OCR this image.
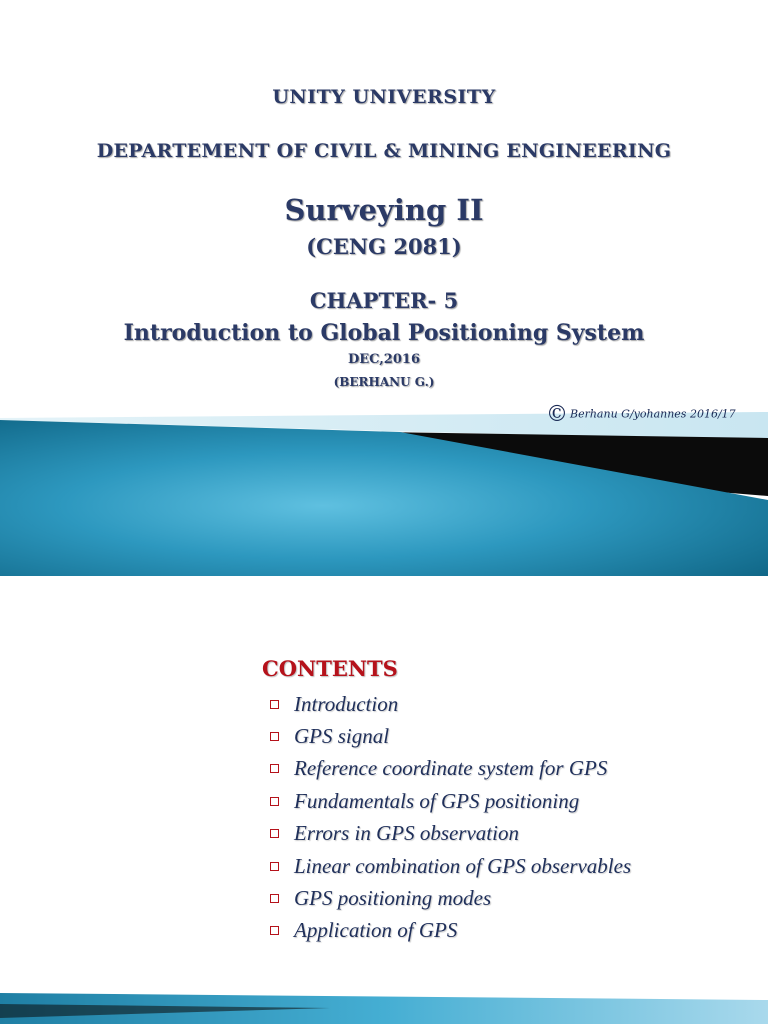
UNITY UNIVERSITY

DEPARTEMENT OF CIVIL & MINING ENGINEERING

Surveying II

(CENG 2081)

CHAPTER- 5

Introduction to Global Positioning System

DEC,2016

(BERHANU G.)

© Berhanu G/yohannes 2016/17

CONTENTS

Introduction
GPS signal
Reference coordinate system for GPS
Fundamentals of GPS positioning
Errors in GPS observation
Linear combination of GPS observables
GPS positioning modes
Application of GPS
